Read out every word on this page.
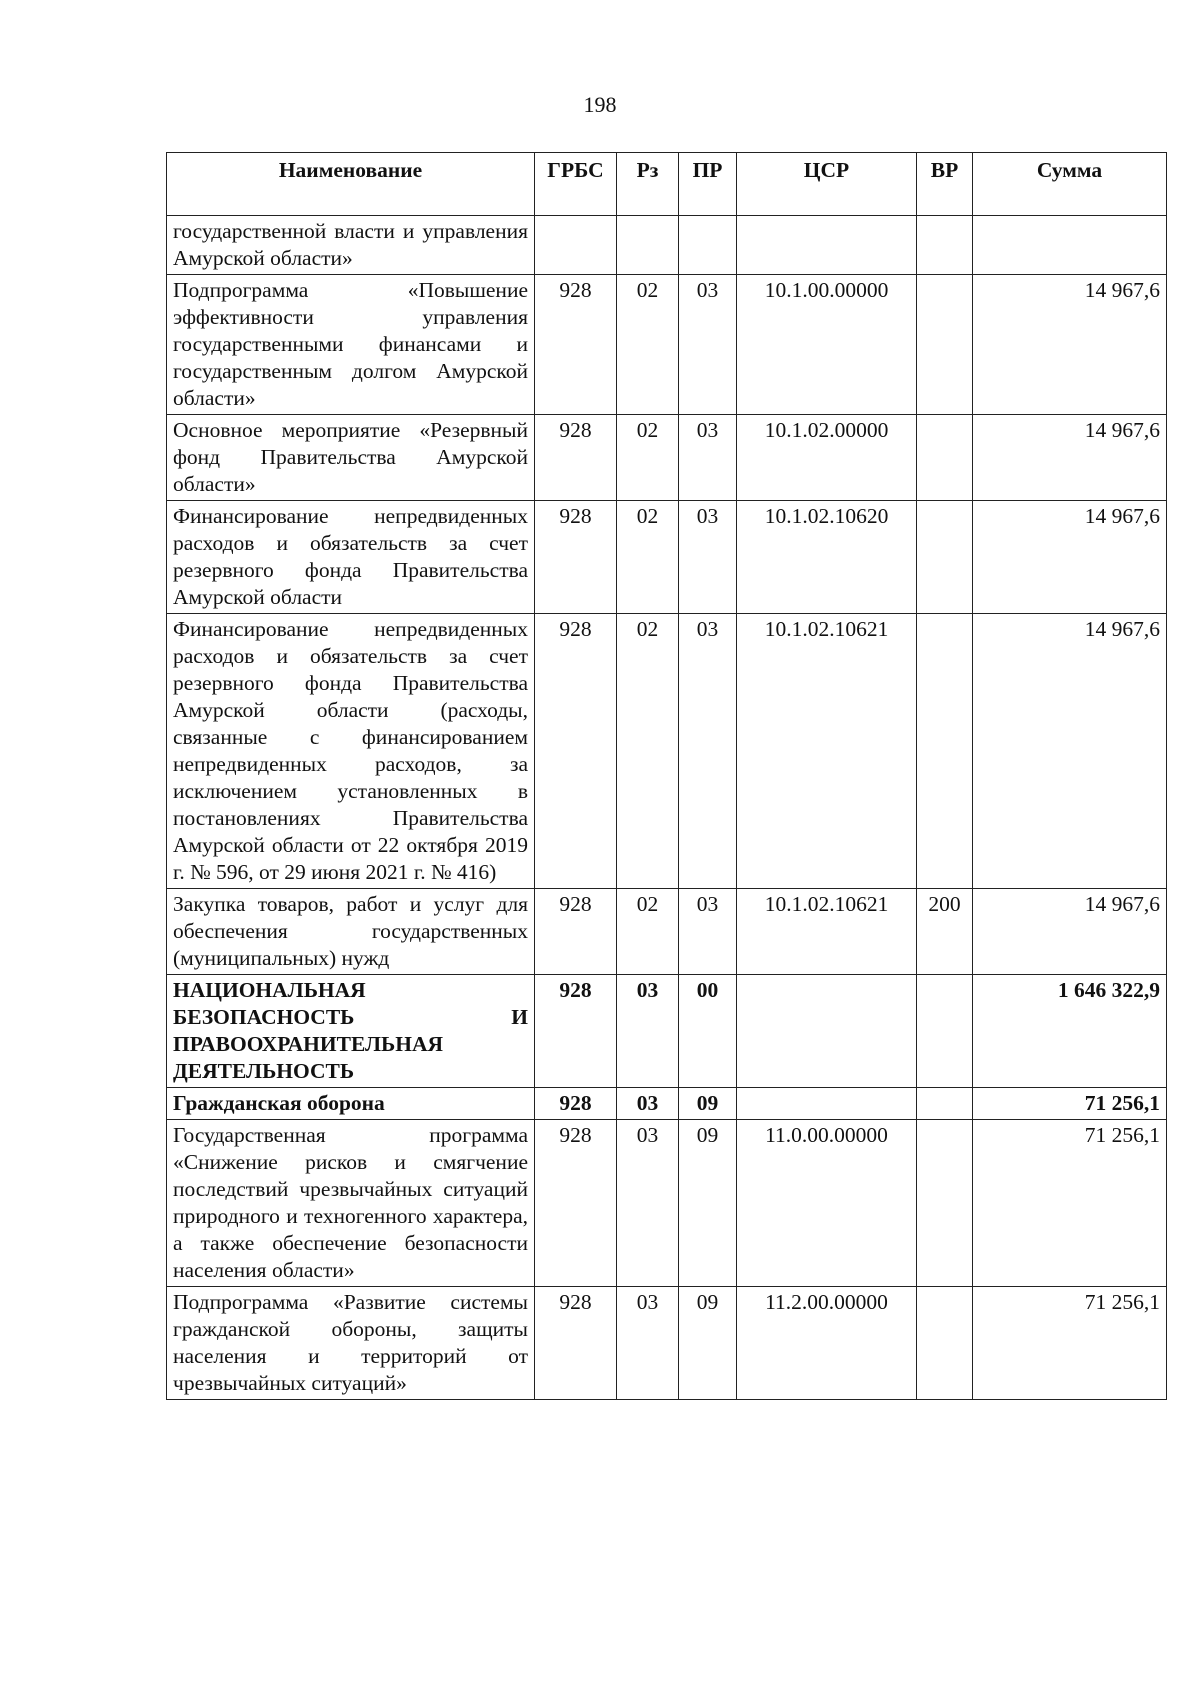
198
Наименование	ГРБС	Рз	ПР	ЦСР	ВР	Сумма
государственной власти и управления Амурской области»						
Подпрограмма «Повышение эффективности управления государственными финансами и государственным долгом Амурской области»	928	02	03	10.1.00.00000		14 967,6
Основное мероприятие «Резервный фонд Правительства Амурской области»	928	02	03	10.1.02.00000		14 967,6
Финансирование непредвиденных расходов и обязательств за счет резервного фонда Правительства Амурской области	928	02	03	10.1.02.10620		14 967,6
Финансирование непредвиденных расходов и обязательств за счет резервного фонда Правительства Амурской области (расходы, связанные с финансированием непредвиденных расходов, за исключением установленных в постановлениях Правительства Амурской области от 22 октября 2019 г. № 596, от 29 июня 2021 г. № 416)	928	02	03	10.1.02.10621		14 967,6
Закупка товаров, работ и услуг для обеспечения государственных (муниципальных) нужд	928	02	03	10.1.02.10621	200	14 967,6
НАЦИОНАЛЬНАЯ БЕЗОПАСНОСТЬ И ПРАВООХРАНИТЕЛЬНАЯ ДЕЯТЕЛЬНОСТЬ	928	03	00			1 646 322,9
Гражданская оборона	928	03	09			71 256,1
Государственная программа «Снижение рисков и смягчение последствий чрезвычайных ситуаций природного и техногенного характера, а также обеспечение безопасности населения области»	928	03	09	11.0.00.00000		71 256,1
Подпрограмма «Развитие системы гражданской обороны, защиты населения и территорий от чрезвычайных ситуаций»	928	03	09	11.2.00.00000		71 256,1
